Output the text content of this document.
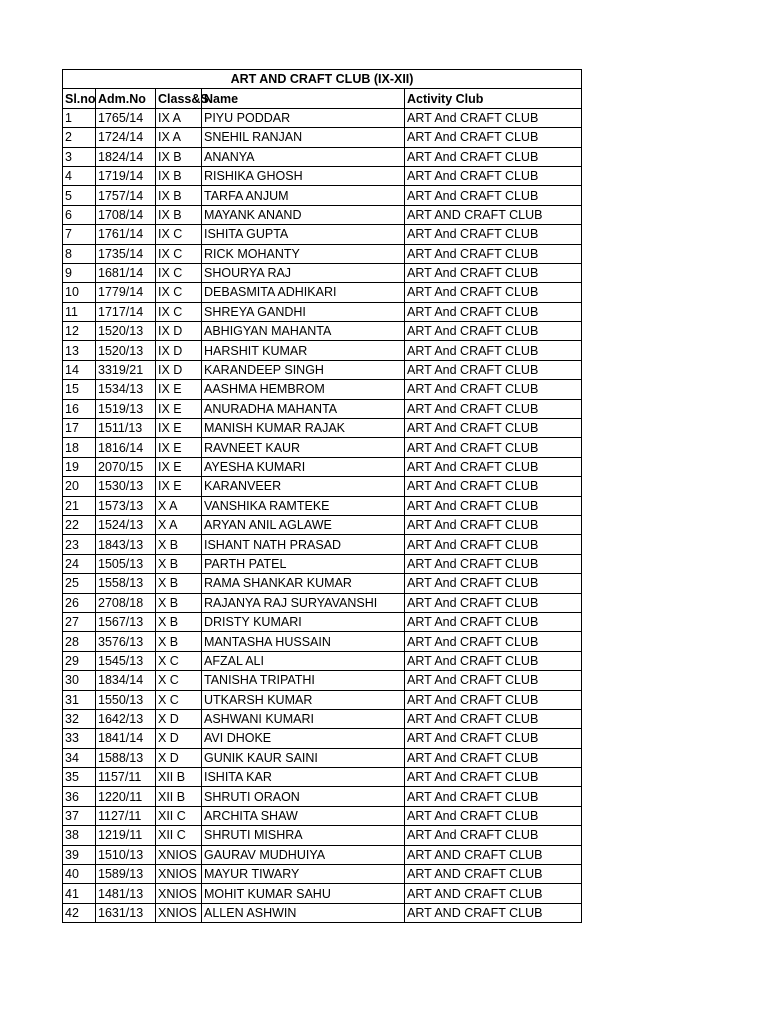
ART AND CRAFT CLUB (IX-XII)				
Sl.no	Adm.No	Class&S	Name	Activity Club
1	1765/14	IX A	PIYU PODDAR	ART And CRAFT CLUB
2	1724/14	IX A	SNEHIL RANJAN	ART And CRAFT CLUB
3	1824/14	IX B	ANANYA	ART And CRAFT CLUB
4	1719/14	IX B	RISHIKA GHOSH	ART And CRAFT CLUB
5	1757/14	IX B	TARFA ANJUM	ART And CRAFT CLUB
6	1708/14	IX B	MAYANK ANAND	ART AND CRAFT CLUB
7	1761/14	IX C	ISHITA GUPTA	ART And CRAFT CLUB
8	1735/14	IX C	RICK MOHANTY	ART And CRAFT CLUB
9	1681/14	IX C	SHOURYA RAJ	ART And CRAFT CLUB
10	1779/14	IX C	DEBASMITA ADHIKARI	ART And CRAFT CLUB
11	1717/14	IX C	SHREYA GANDHI	ART And CRAFT CLUB
12	1520/13	IX D	ABHIGYAN MAHANTA	ART And CRAFT CLUB
13	1520/13	IX D	HARSHIT KUMAR	ART And CRAFT CLUB
14	3319/21	IX D	KARANDEEP SINGH	ART And CRAFT CLUB
15	1534/13	IX E	AASHMA HEMBROM	ART And CRAFT CLUB
16	1519/13	IX E	ANURADHA MAHANTA	ART And CRAFT CLUB
17	1511/13	IX E	MANISH KUMAR RAJAK	ART And CRAFT CLUB
18	1816/14	IX E	RAVNEET KAUR	ART And CRAFT CLUB
19	2070/15	IX E	AYESHA KUMARI	ART And CRAFT CLUB
20	1530/13	IX E	KARANVEER	ART And CRAFT CLUB
21	1573/13	X A	VANSHIKA RAMTEKE	ART And CRAFT CLUB
22	1524/13	X A	ARYAN ANIL AGLAWE	ART And CRAFT CLUB
23	1843/13	X B	ISHANT NATH PRASAD	ART And CRAFT CLUB
24	1505/13	X B	PARTH PATEL	ART And CRAFT CLUB
25	1558/13	X B	RAMA SHANKAR KUMAR	ART And CRAFT CLUB
26	2708/18	X B	RAJANYA RAJ SURYAVANSHI	ART And CRAFT CLUB
27	1567/13	X B	DRISTY KUMARI	ART And CRAFT CLUB
28	3576/13	X B	MANTASHA HUSSAIN	ART And CRAFT CLUB
29	1545/13	X C	AFZAL ALI	ART And CRAFT CLUB
30	1834/14	X C	TANISHA TRIPATHI	ART And CRAFT CLUB
31	1550/13	X C	UTKARSH KUMAR	ART And CRAFT CLUB
32	1642/13	X D	ASHWANI KUMARI	ART And CRAFT CLUB
33	1841/14	X D	AVI DHOKE	ART And CRAFT CLUB
34	1588/13	X D	GUNIK KAUR SAINI	ART And CRAFT CLUB
35	1157/11	XII B	ISHITA KAR	ART And CRAFT CLUB
36	1220/11	XII B	SHRUTI ORAON	ART And CRAFT CLUB
37	1127/11	XII C	ARCHITA SHAW	ART And CRAFT CLUB
38	1219/11	XII C	SHRUTI MISHRA	ART And CRAFT CLUB
39	1510/13	XNIOS	GAURAV MUDHUIYA	ART AND CRAFT CLUB
40	1589/13	XNIOS	MAYUR TIWARY	ART AND CRAFT CLUB
41	1481/13	XNIOS	MOHIT KUMAR SAHU	ART AND CRAFT CLUB
42	1631/13	XNIOS	ALLEN ASHWIN	ART AND CRAFT CLUB
